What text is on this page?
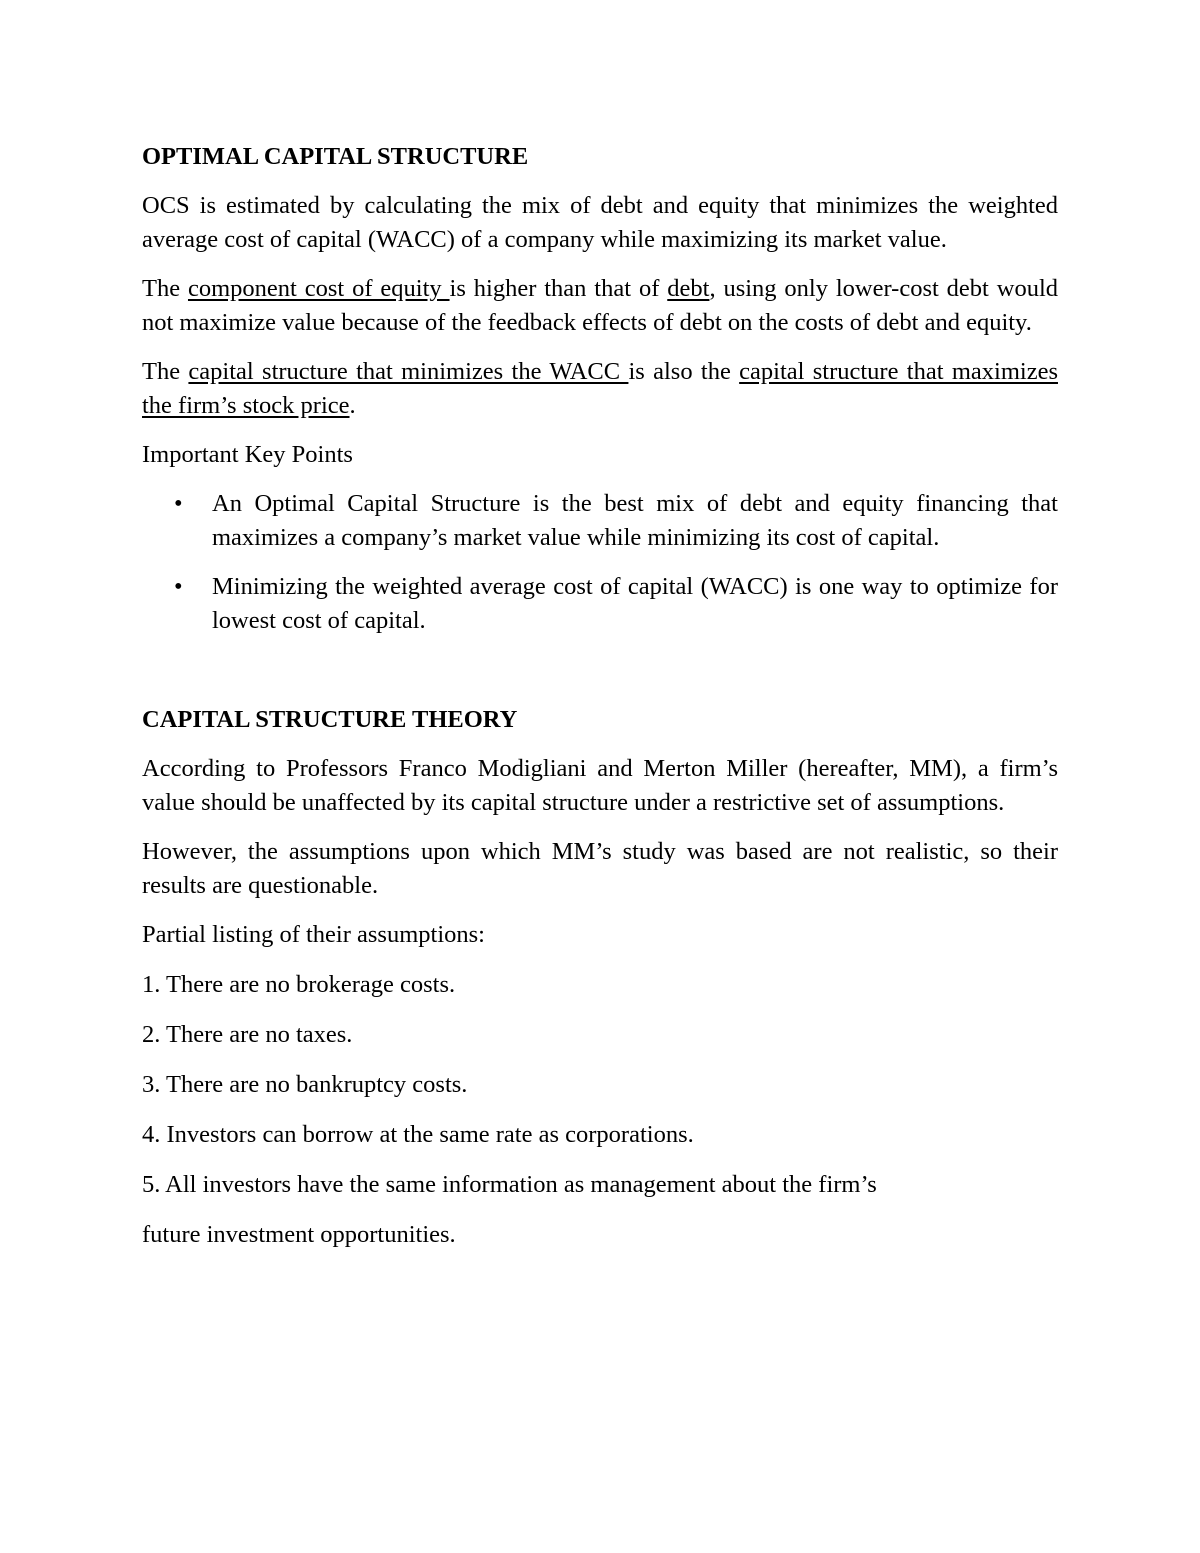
OPTIMAL CAPITAL STRUCTURE

OCS is estimated by calculating the mix of debt and equity that minimizes the weighted average cost of capital (WACC) of a company while maximizing its market value.

The component cost of equity is higher than that of debt, using only lower-cost debt would not maximize value because of the feedback effects of debt on the costs of debt and equity.

The capital structure that minimizes the WACC is also the capital structure that maximizes the firm’s stock price.

Important Key Points

• An Optimal Capital Structure is the best mix of debt and equity financing that maximizes a company’s market value while minimizing its cost of capital.
• Minimizing the weighted average cost of capital (WACC) is one way to optimize for lowest cost of capital.
CAPITAL STRUCTURE THEORY

According to Professors Franco Modigliani and Merton Miller (hereafter, MM), a firm’s value should be unaffected by its capital structure under a restrictive set of assumptions.

However, the assumptions upon which MM’s study was based are not realistic, so their results are questionable.

Partial listing of their assumptions:

1. There are no brokerage costs.

2. There are no taxes.

3. There are no bankruptcy costs.

4. Investors can borrow at the same rate as corporations.

5. All investors have the same information as management about the firm’s

future investment opportunities.
